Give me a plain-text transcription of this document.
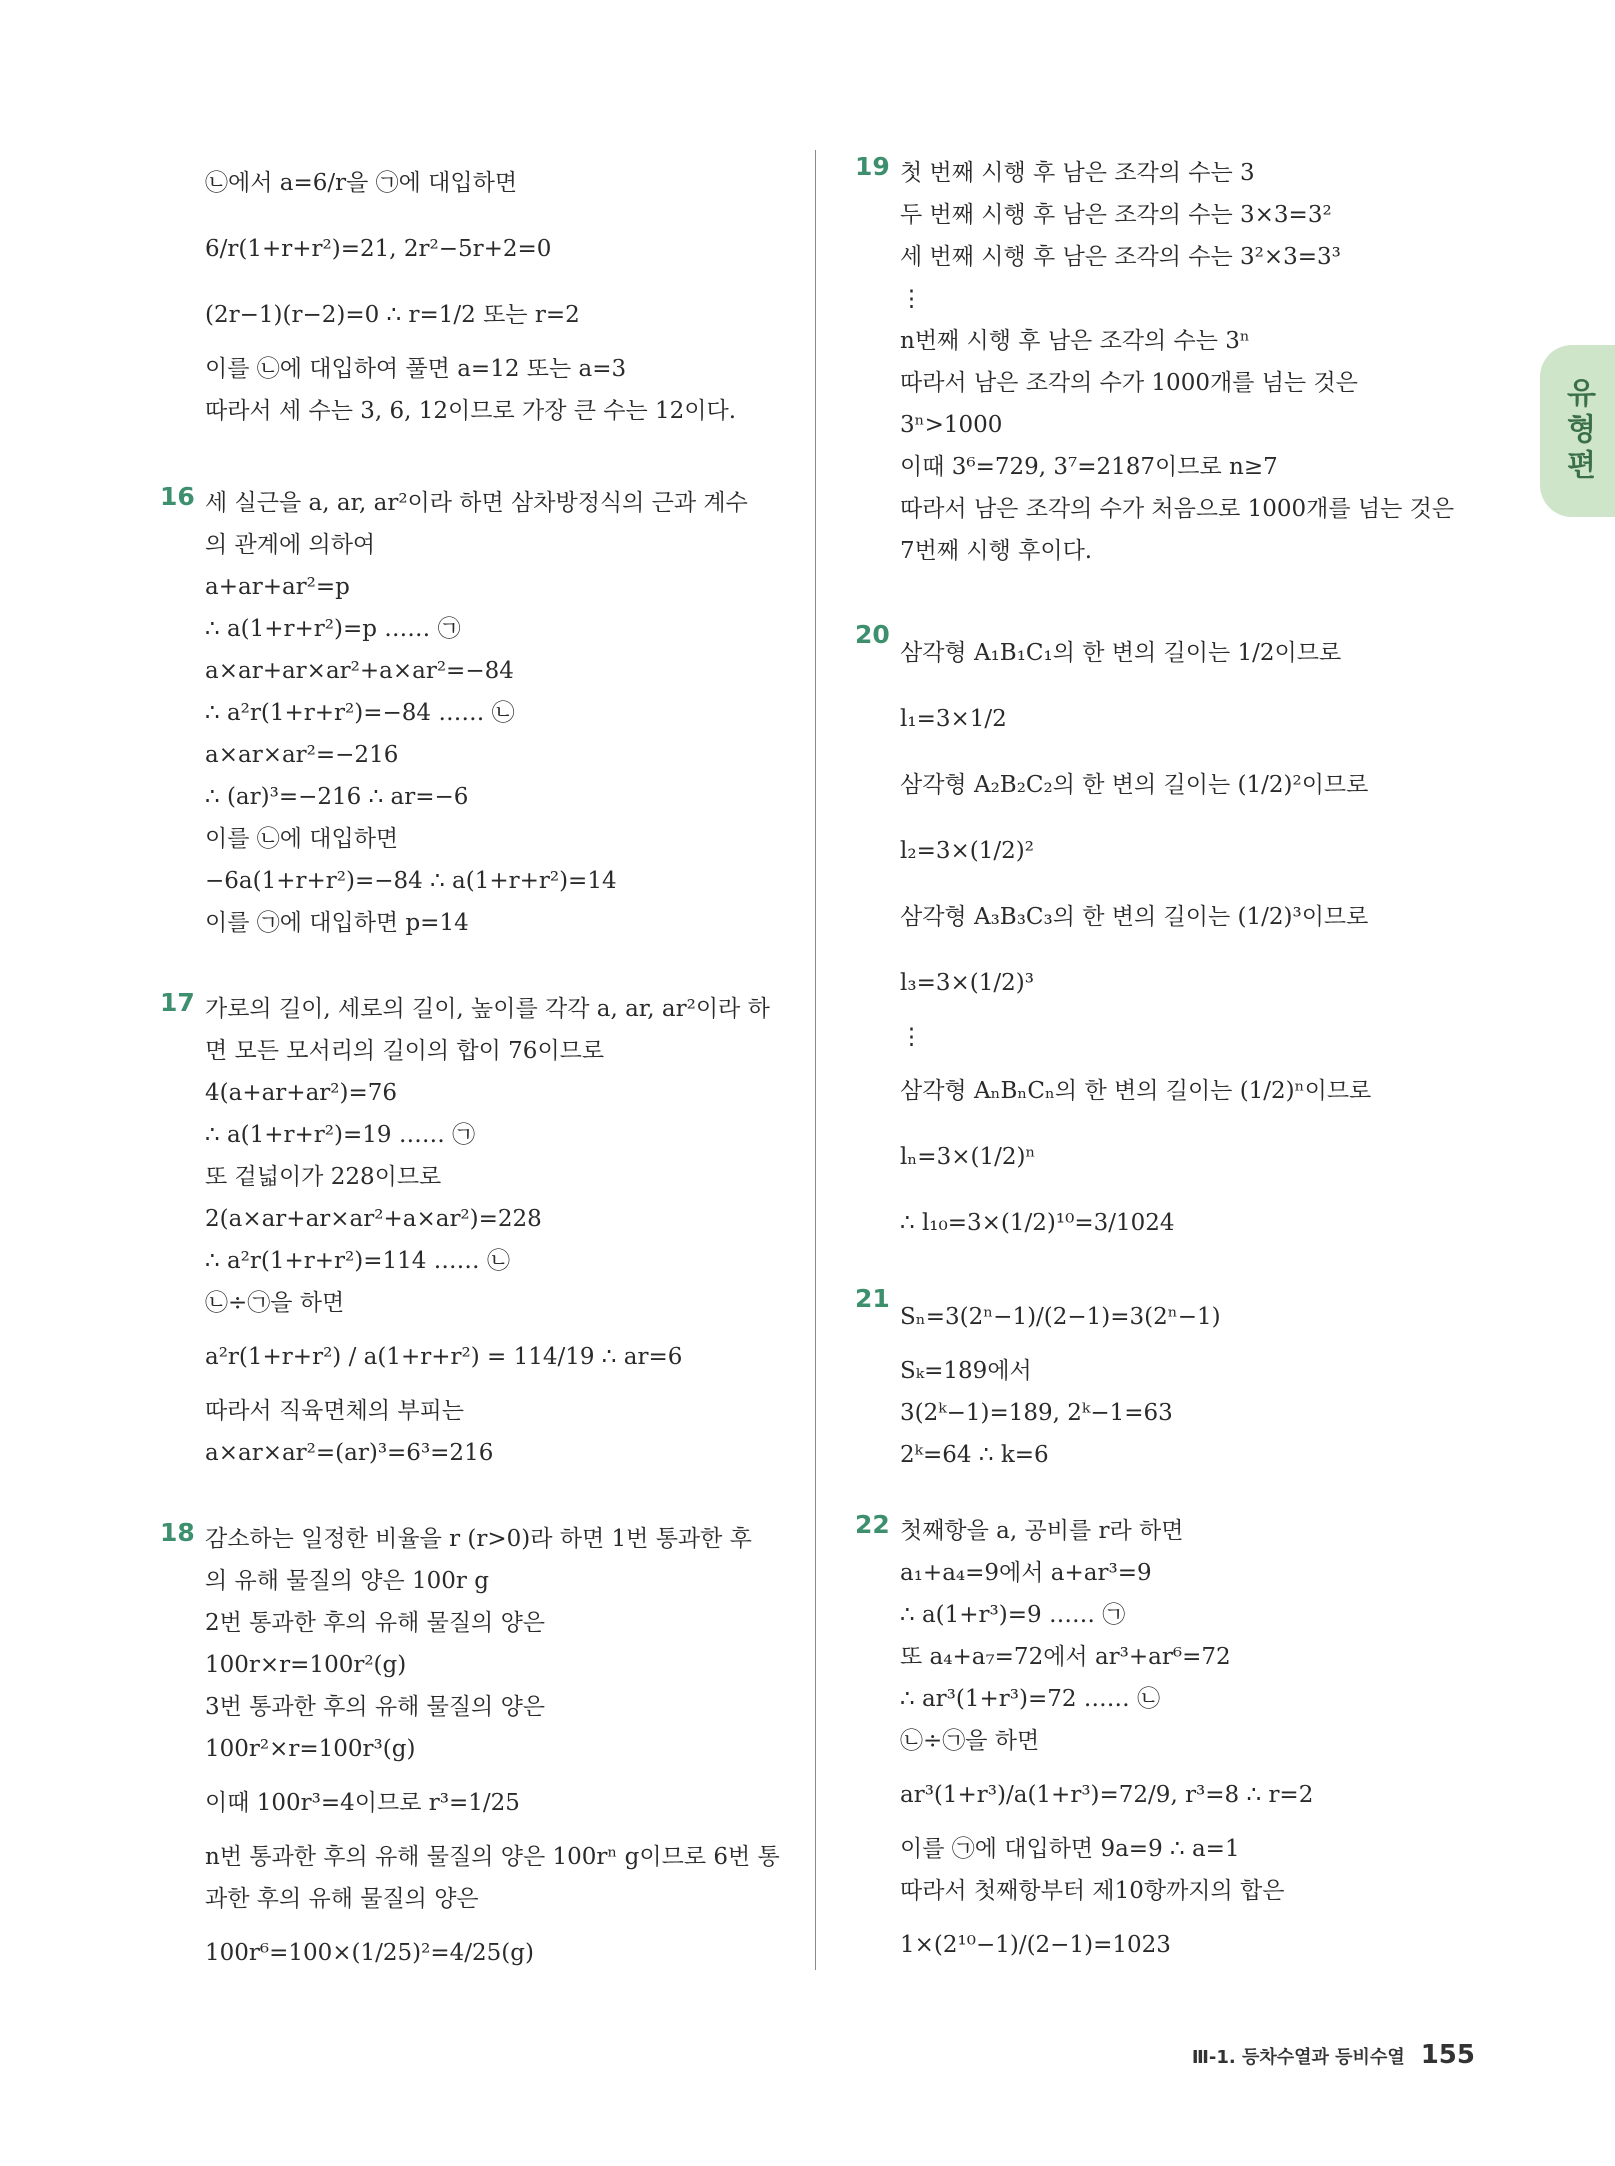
유형편
㉡에서 a=6/r을 ㉠에 대입하면
6/r(1+r+r²)=21, 2r²−5r+2=0
(2r−1)(r−2)=0 ∴ r=1/2 또는 r=2
이를 ㉡에 대입하여 풀면 a=12 또는 a=3
따라서 세 수는 3, 6, 12이므로 가장 큰 수는 12이다.
16 세 실근을 a, ar, ar²이라 하면 삼차방정식의 근과 계수
의 관계에 의하여
a+ar+ar²=p
∴ a(1+r+r²)=p …… ㉠
a×ar+ar×ar²+a×ar²=−84
∴ a²r(1+r+r²)=−84 …… ㉡
a×ar×ar²=−216
∴ (ar)³=−216 ∴ ar=−6
이를 ㉡에 대입하면
−6a(1+r+r²)=−84 ∴ a(1+r+r²)=14
이를 ㉠에 대입하면 p=14
17 가로의 길이, 세로의 길이, 높이를 각각 a, ar, ar²이라 하
면 모든 모서리의 길이의 합이 76이므로
4(a+ar+ar²)=76
∴ a(1+r+r²)=19 …… ㉠
또 겉넓이가 228이므로
2(a×ar+ar×ar²+a×ar²)=228
∴ a²r(1+r+r²)=114 …… ㉡
㉡÷㉠을 하면
a²r(1+r+r²) / a(1+r+r²) = 114/19 ∴ ar=6
따라서 직육면체의 부피는
a×ar×ar²=(ar)³=6³=216
18 감소하는 일정한 비율을 r (r>0)라 하면 1번 통과한 후
의 유해 물질의 양은 100r g
2번 통과한 후의 유해 물질의 양은
100r×r=100r²(g)
3번 통과한 후의 유해 물질의 양은
100r²×r=100r³(g)
이때 100r³=4이므로 r³=1/25
n번 통과한 후의 유해 물질의 양은 100rⁿ g이므로 6번 통
과한 후의 유해 물질의 양은
100r⁶=100×(1/25)²=4/25(g)
19 첫 번째 시행 후 남은 조각의 수는 3
두 번째 시행 후 남은 조각의 수는 3×3=3²
세 번째 시행 후 남은 조각의 수는 3²×3=3³
⋮
n번째 시행 후 남은 조각의 수는 3ⁿ
따라서 남은 조각의 수가 1000개를 넘는 것은
3ⁿ>1000
이때 3⁶=729, 3⁷=2187이므로 n≥7
따라서 남은 조각의 수가 처음으로 1000개를 넘는 것은
7번째 시행 후이다.
20
삼각형 A₁B₁C₁의 한 변의 길이는 1/2이므로
l₁=3×1/2
삼각형 A₂B₂C₂의 한 변의 길이는 (1/2)²이므로
l₂=3×(1/2)²
삼각형 A₃B₃C₃의 한 변의 길이는 (1/2)³이므로
l₃=3×(1/2)³
⋮
삼각형 AₙBₙCₙ의 한 변의 길이는 (1/2)ⁿ이므로
lₙ=3×(1/2)ⁿ
∴ l₁₀=3×(1/2)¹⁰=3/1024
21
Sₙ=3(2ⁿ−1)/(2−1)=3(2ⁿ−1)
Sₖ=189에서
3(2ᵏ−1)=189, 2ᵏ−1=63
2ᵏ=64 ∴ k=6
22 첫째항을 a, 공비를 r라 하면
a₁+a₄=9에서 a+ar³=9
∴ a(1+r³)=9 …… ㉠
또 a₄+a₇=72에서 ar³+ar⁶=72
∴ ar³(1+r³)=72 …… ㉡
㉡÷㉠을 하면
ar³(1+r³)/a(1+r³)=72/9, r³=8 ∴ r=2
이를 ㉠에 대입하면 9a=9 ∴ a=1
따라서 첫째항부터 제10항까지의 합은
1×(2¹⁰−1)/(2−1)=1023
Ⅲ-1. 등차수열과 등비수열 155
